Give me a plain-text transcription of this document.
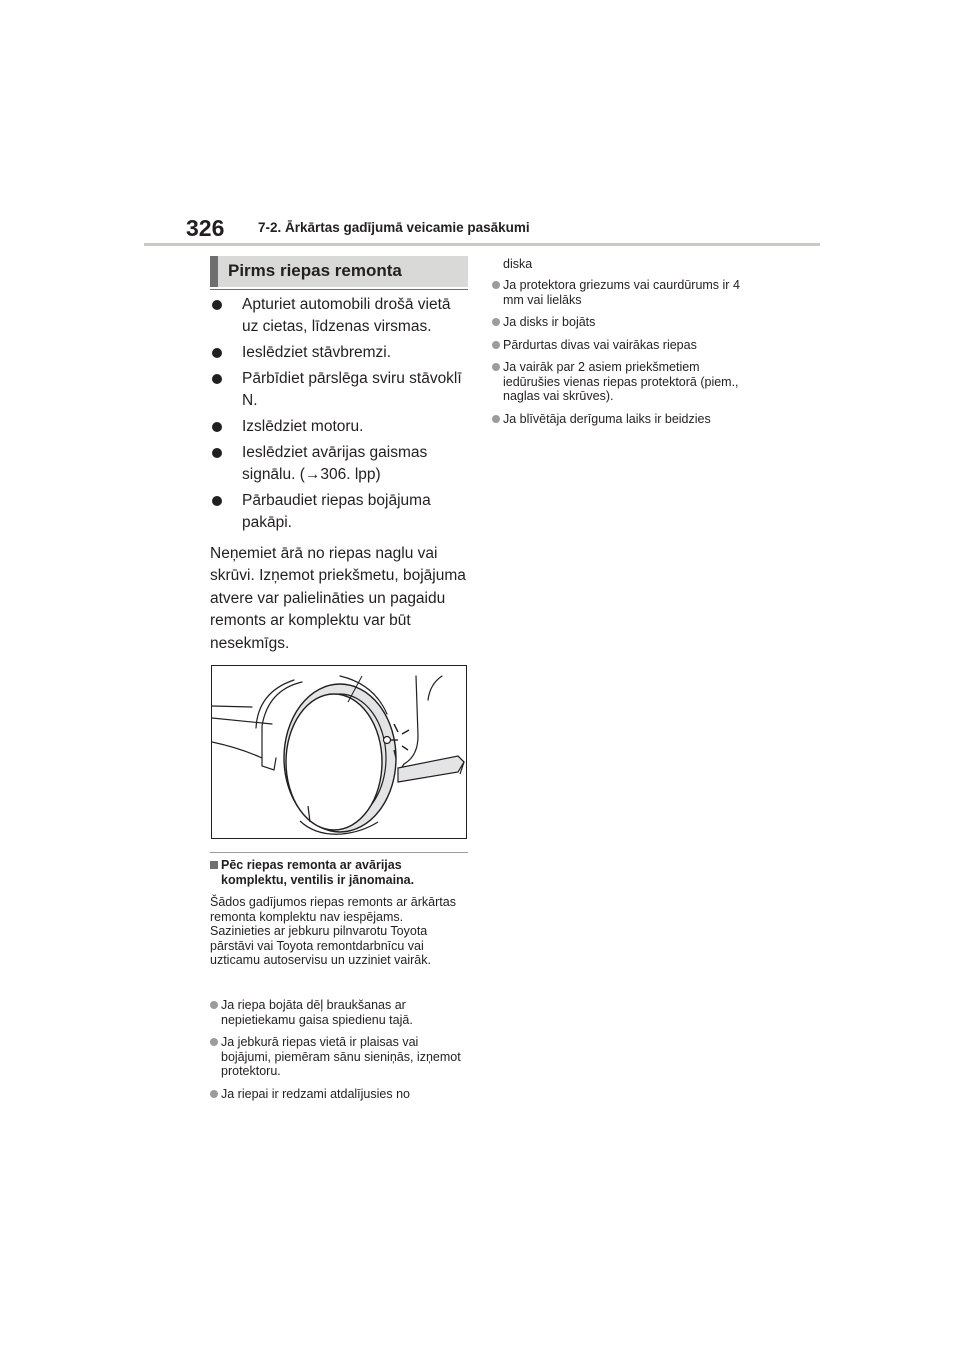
326 7-2. Ārkārtas gadījumā veicamie pasākumi
Pirms riepas remonta
Apturiet automobili drošā vietā uz cietas, līdzenas virsmas.
Ieslēdziet stāvbremzi.
Pārbīdiet pārslēga sviru stāvoklī N.
Izslēdziet motoru.
Ieslēdziet avārijas gaismas signālu. (→306. lpp)
Pārbaudiet riepas bojājuma pakāpi.

Neņemiet ārā no riepas naglu vai skrūvi. Izņemot priekšmetu, bojājuma atvere var palielināties un pagaidu remonts ar komplektu var būt nesekmīgs.

Pēc riepas remonta ar avārijas komplektu, ventilis ir jānomaina.

Šādos gadījumos riepas remonts ar ārkārtas remonta komplektu nav iespējams. Sazinieties ar jebkuru pilnvarotu Toyota pārstāvi vai Toyota remontdarbnīcu vai uzticamu autoservisu un uzziniet vairāk.

Ja riepa bojāta dēļ braukšanas ar nepietiekamu gaisa spiedienu tajā.
Ja jebkurā riepas vietā ir plaisas vai bojājumi, piemēram sānu sieniņās, izņemot protektoru.
Ja riepai ir redzami atdalījusies no
diska
Ja protektora griezums vai caurdūrums ir 4 mm vai lielāks
Ja disks ir bojāts
Pārdurtas divas vai vairākas riepas
Ja vairāk par 2 asiem priekšmetiem iedūrušies vienas riepas protektorā (piem., naglas vai skrūves).
Ja blīvētāja derīguma laiks ir beidzies
